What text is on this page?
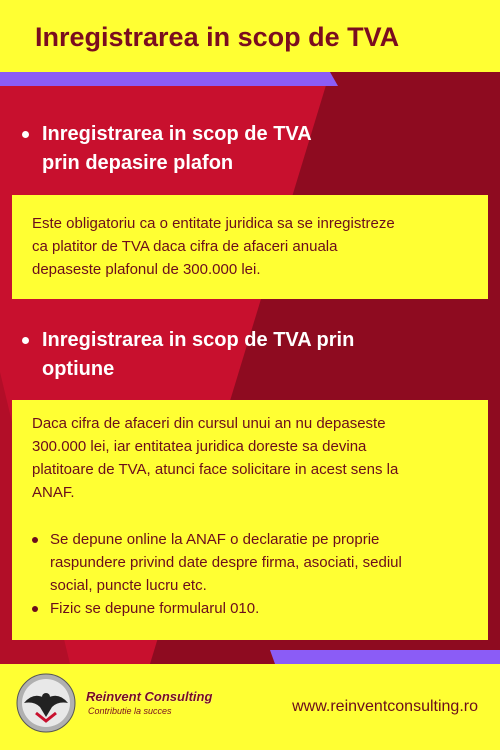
Inregistrarea in scop de TVA
Inregistrarea in scop de TVA
prin depasire plafon

Este obligatoriu ca o entitate juridica sa se inregistreze

ca platitor de TVA daca cifra de afaceri anuala

depaseste plafonul de 300.000 lei.

Inregistrarea in scop de TVA prin
optiune

Daca cifra de afaceri din cursul unui an nu depaseste

300.000 lei, iar entitatea juridica doreste sa devina

platitoare de TVA, atunci face solicitare in acest sens la

ANAF.

Se depune online la ANAF o declaratie pe proprie
raspundere privind date despre firma, asociati, sediul
social, puncte lucru etc.
Fizic se depune formularul 010.
Reinvent Consulting
Contributie la succes	www.reinventconsulting.ro
